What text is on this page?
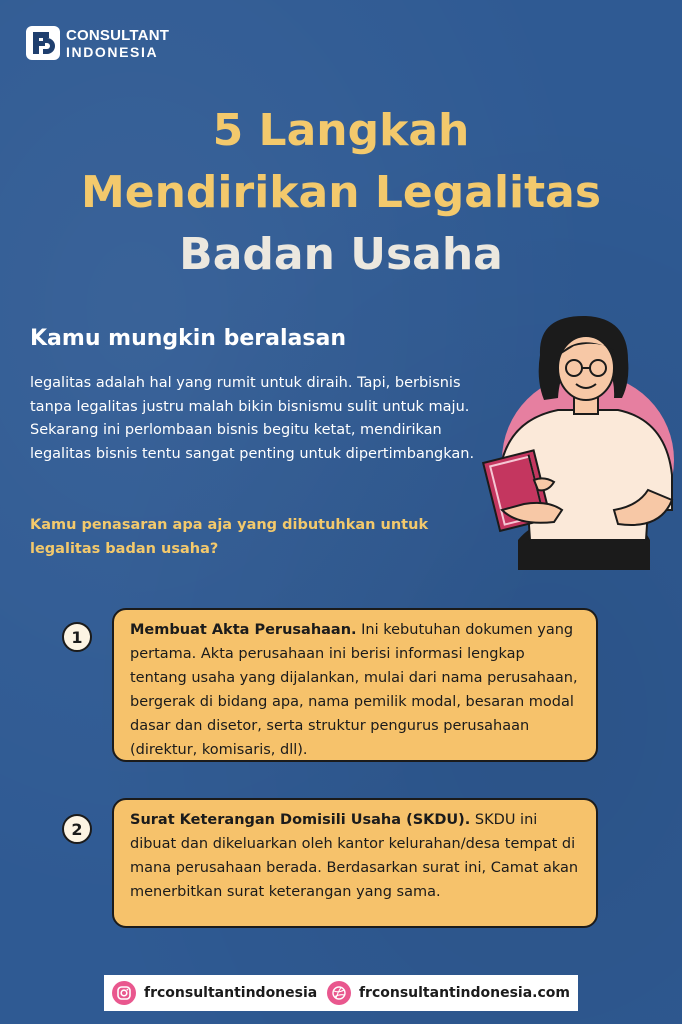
CONSULTANT
INDONESIA
5 Langkah
Mendirikan Legalitas
Badan Usaha
Kamu mungkin beralasan
legalitas adalah hal yang rumit untuk diraih. Tapi, berbisnis tanpa legalitas justru malah bikin bisnismu sulit untuk maju. Sekarang ini perlombaan bisnis begitu ketat, mendirikan legalitas bisnis tentu sangat penting untuk dipertimbangkan.
Kamu penasaran apa aja yang dibutuhkan untuk legalitas badan usaha?
1	Membuat Akta Perusahaan. Ini kebutuhan dokumen yang pertama. Akta perusahaan ini berisi informasi lengkap tentang usaha yang dijalankan, mulai dari nama perusahaan, bergerak di bidang apa, nama pemilik modal, besaran modal dasar dan disetor, serta struktur pengurus perusahaan (direktur, komisaris, dll).
2	Surat Keterangan Domisili Usaha (SKDU). SKDU ini dibuat dan dikeluarkan oleh kantor kelurahan/desa tempat di mana perusahaan berada. Berdasarkan surat ini, Camat akan menerbitkan surat keterangan yang sama.
frconsultantindonesia	frconsultantindonesia.com
